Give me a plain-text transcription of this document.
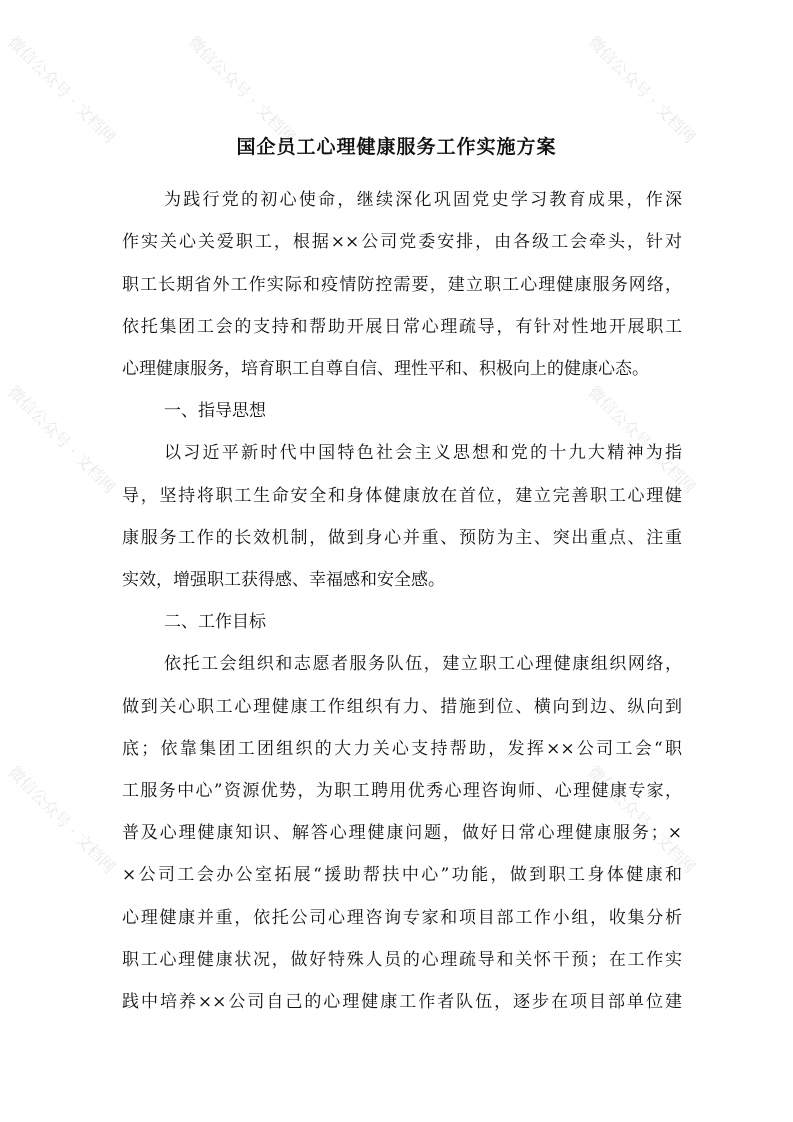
微信公众号 · 文档网	微信公众号 · 文档网	微信公众号 · 文档网
微信公众号 · 文档网	微信公众号 · 文档网
微信公众号 · 文档网	微信公众号 · 文档网
国企员工心理健康服务工作实施方案

为践行党的初心使命，继续深化巩固党史学习教育成果，作深

作实关心关爱职工，根据××公司党委安排，由各级工会牵头，针对

职工长期省外工作实际和疫情防控需要，建立职工心理健康服务网络，

依托集团工会的支持和帮助开展日常心理疏导，有针对性地开展职工

心理健康服务，培育职工自尊自信、理性平和、积极向上的健康心态。

一、指导思想

以习近平新时代中国特色社会主义思想和党的十九大精神为指

导，坚持将职工生命安全和身体健康放在首位，建立完善职工心理健

康服务工作的长效机制，做到身心并重、预防为主、突出重点、注重

实效，增强职工获得感、幸福感和安全感。

二、工作目标

依托工会组织和志愿者服务队伍，建立职工心理健康组织网络，

做到关心职工心理健康工作组织有力、措施到位、横向到边、纵向到

底；依靠集团工团组织的大力关心支持帮助，发挥××公司工会“职

工服务中心”资源优势，为职工聘用优秀心理咨询师、心理健康专家，

普及心理健康知识、解答心理健康问题，做好日常心理健康服务；×

×公司工会办公室拓展“援助帮扶中心”功能，做到职工身体健康和

心理健康并重，依托公司心理咨询专家和项目部工作小组，收集分析

职工心理健康状况，做好特殊人员的心理疏导和关怀干预；在工作实

践中培养××公司自己的心理健康工作者队伍，逐步在项目部单位建
